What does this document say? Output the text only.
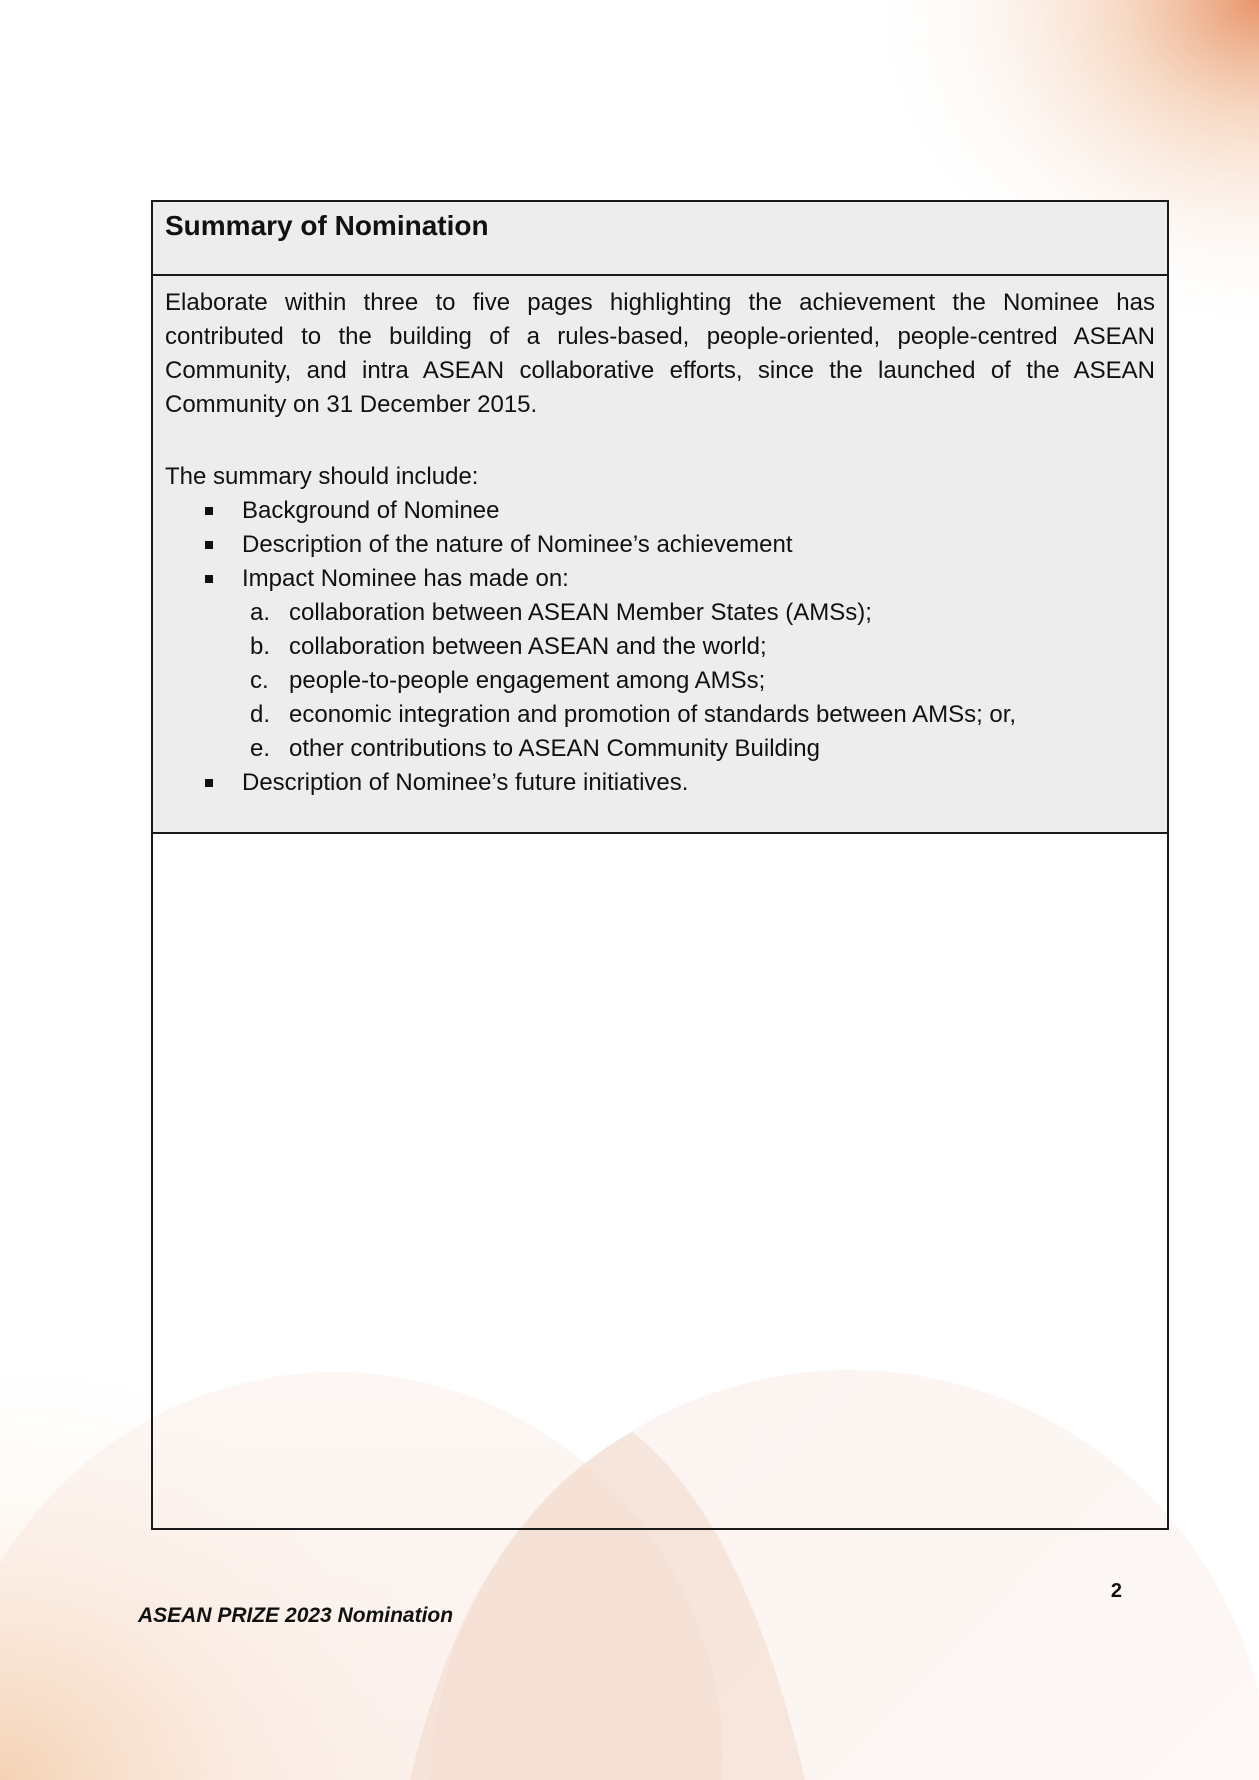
Summary of Nomination

Elaborate within three to five pages highlighting the achievement the Nominee has contributed to the building of a rules-based, people-oriented, people-centred ASEAN Community, and intra ASEAN collaborative efforts, since the launched of the ASEAN Community on 31 December 2015.

The summary should include:

Background of Nominee
Description of the nature of Nominee’s achievement
Impact Nominee has made on:
a. collaboration between ASEAN Member States (AMSs);
b. collaboration between ASEAN and the world;
c. people-to-people engagement among AMSs;
d. economic integration and promotion of standards between AMSs; or,
e. other contributions to ASEAN Community Building
Description of Nominee’s future initiatives.
2
ASEAN PRIZE 2023 Nomination
